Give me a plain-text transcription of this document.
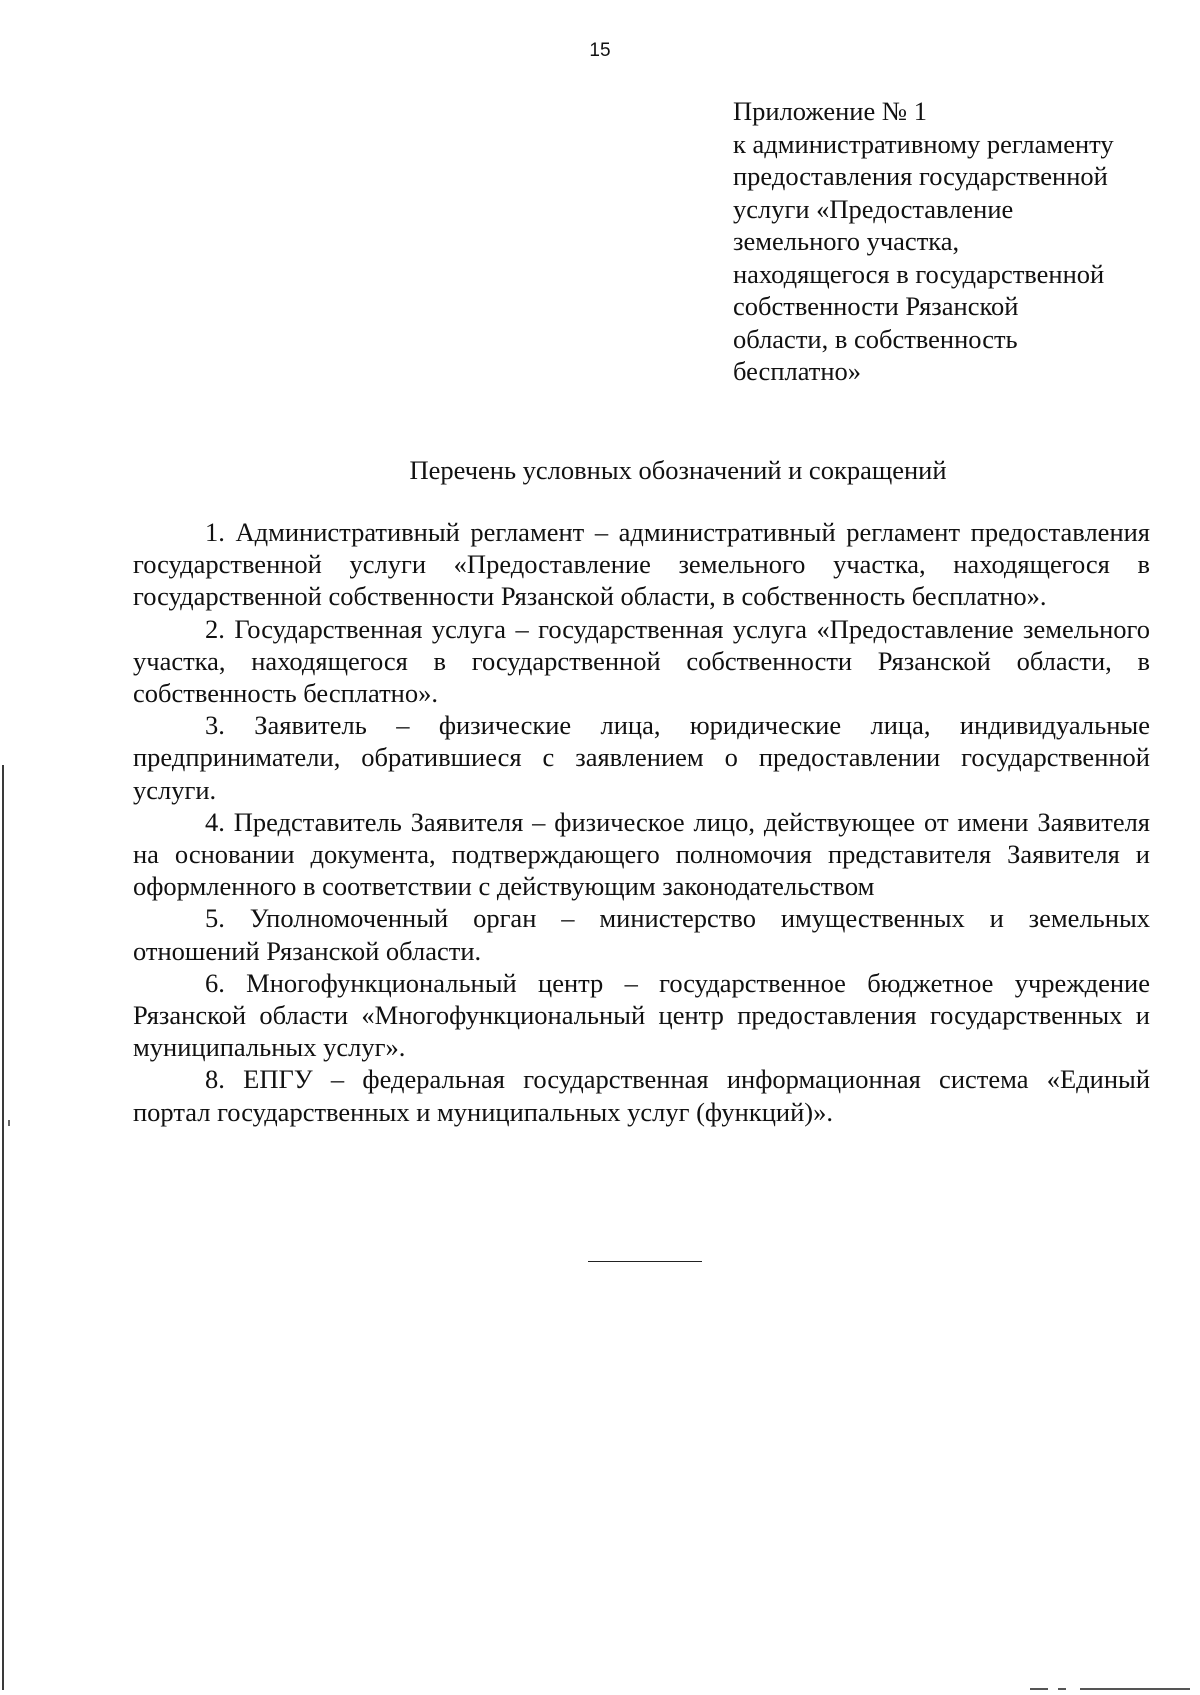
15
Приложение № 1
к административному регламенту
предоставления государственной
услуги «Предоставление
земельного участка,
находящегося в государственной
собственности Рязанской
области, в собственность
бесплатно»
Перечень условных обозначений и сокращений

1. Административный регламент – административный регламент предоставления государственной услуги «Предоставление земельного участка, находящегося в государственной собственности Рязанской области, в собственность бесплатно».

2. Государственная услуга – государственная услуга «Предоставление земельного участка, находящегося в государственной собственности Рязанской области, в собственность бесплатно».

3. Заявитель – физические лица, юридические лица, индивидуальные предприниматели, обратившиеся с заявлением о предоставлении государственной услуги.

4. Представитель Заявителя – физическое лицо, действующее от имени Заявителя на основании документа, подтверждающего полномочия представителя Заявителя и оформленного в соответствии с действующим законодательством

5. Уполномоченный орган – министерство имущественных и земельных отношений Рязанской области.

6. Многофункциональный центр – государственное бюджетное учреждение Рязанской области «Многофункциональный центр предоставления государственных и муниципальных услуг».

8. ЕПГУ – федеральная государственная информационная система «Единый портал государственных и муниципальных услуг (функций)».
